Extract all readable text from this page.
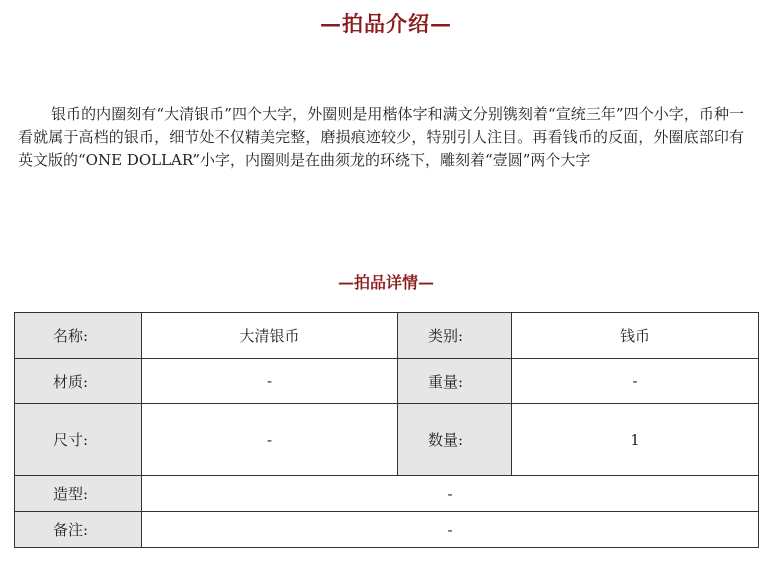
—拍品介绍—

银币的内圈刻有“大清银币”四个大字，外圈则是用楷体字和满文分别镌刻着“宣统三年”四个小字，币种一看就属于高档的银币，细节处不仅精美完整，磨损痕迹较少，特别引人注目。再看钱币的反面，外圈底部印有英文版的“ONE DOLLAR”小字，内圈则是在曲须龙的环绕下，雕刻着“壹圆”两个大字

—拍品详情—
名称:	大清银币	类别:	钱币
材质:	-	重量:	-
尺寸:	-	数量:	1
造型:	-		
备注:	-		
